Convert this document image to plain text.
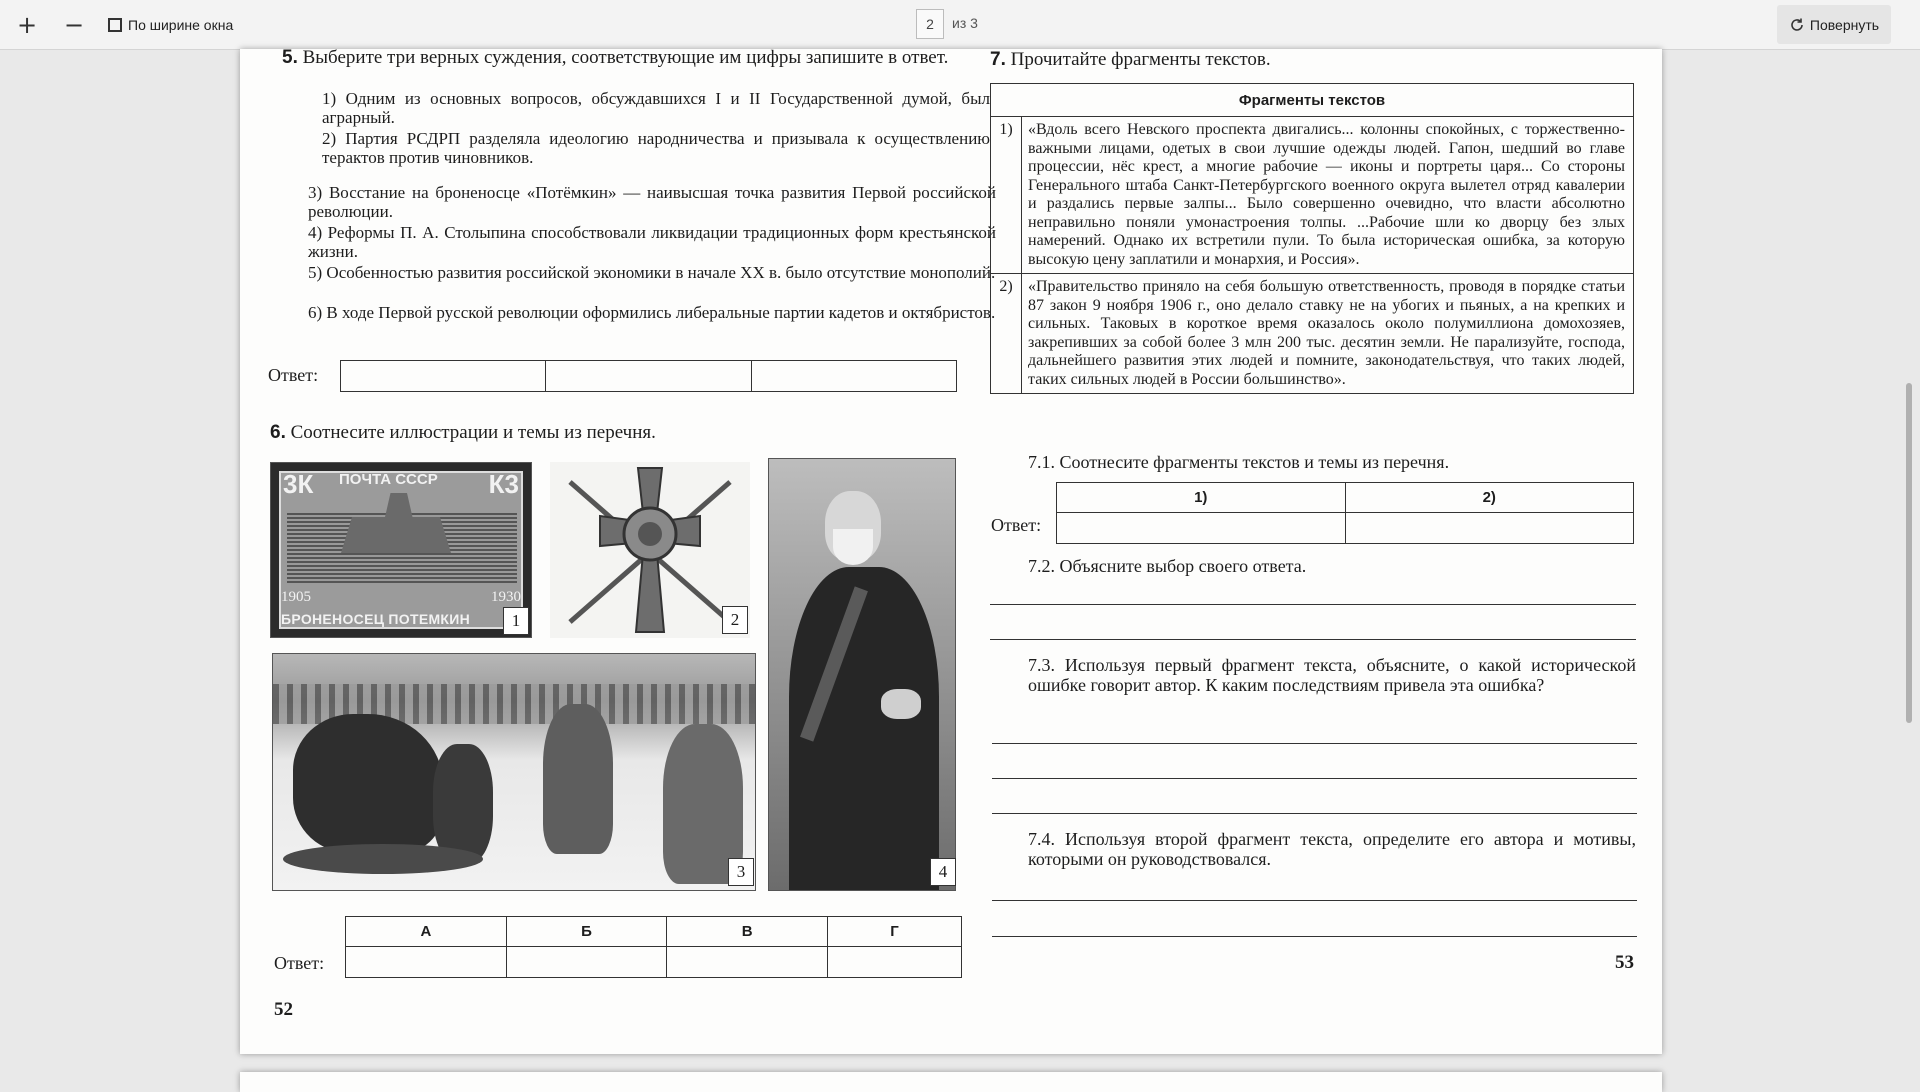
+ −	По ширине окна	2	из 3	Повернуть
5. Выберите три верных суждения, соответствующие им цифры запишите в ответ.
1) Одним из основных вопросов, обсуждавшихся I и II Государственной думой, был аграрный.
2) Партия РСДРП разделяла идеологию народничества и призывала к осуществлению терактов против чиновников.
3) Восстание на броненосце «Потёмкин» — наивысшая точка развития Первой российской революции.
4) Реформы П. А. Столыпина способствовали ликвидации традиционных форм крестьянской жизни.
5) Особенностью развития российской экономики в начале XX в. было отсутствие монополий.
6) В ходе Первой русской революции оформились либеральные партии кадетов и октябристов.
Ответ:
6. Соотнесите иллюстрации и темы из перечня.
3К ПОЧТА СССР К3
1905	1930
БРОНЕНОСЕЦ ПОТЕМКИН	1	2
4
3
А	Б	В	Г

Ответ:
52
7. Прочитайте фрагменты текстов.
Фрагменты текстов	
1)	«Вдоль всего Невского проспекта двигались... колонны спокойных, с торжественно-важными лицами, одетых в свои лучшие одежды людей. Гапон, шедший во главе процессии, нёс крест, а многие рабочие — иконы и портреты царя... Со стороны Генерального штаба Санкт-Петербургского военного округа вылетел отряд кавалерии и раздались первые залпы... Было совершенно очевидно, что власти абсолютно неправильно поняли умонастроения толпы. ...Рабочие шли ко дворцу без злых намерений. Однако их встретили пули. То была историческая ошибка, за которую высокую цену заплатили и монархия, и Россия».
2)	«Правительство приняло на себя большую ответственность, проводя в порядке статьи 87 закон 9 ноября 1906 г., оно делало ставку не на убогих и пьяных, а на крепких и сильных. Таковых в короткое время оказалось около полумиллиона домохозяев, закрепивших за собой более 3 млн 200 тыс. десятин земли. Не парализуйте, господа, дальнейшего развития этих людей и помните, законодательствуя, что таких людей, таких сильных людей в России большинство».
7.1. Соотнесите фрагменты текстов и темы из перечня.
1)	2)

Ответ:
7.2. Объясните выбор своего ответа.
7.3. Используя первый фрагмент текста, объясните, о какой исторической ошибке говорит автор. К каким последствиям привела эта ошибка?
7.4. Используя второй фрагмент текста, определите его автора и мотивы, которыми он руководствовался.
53
